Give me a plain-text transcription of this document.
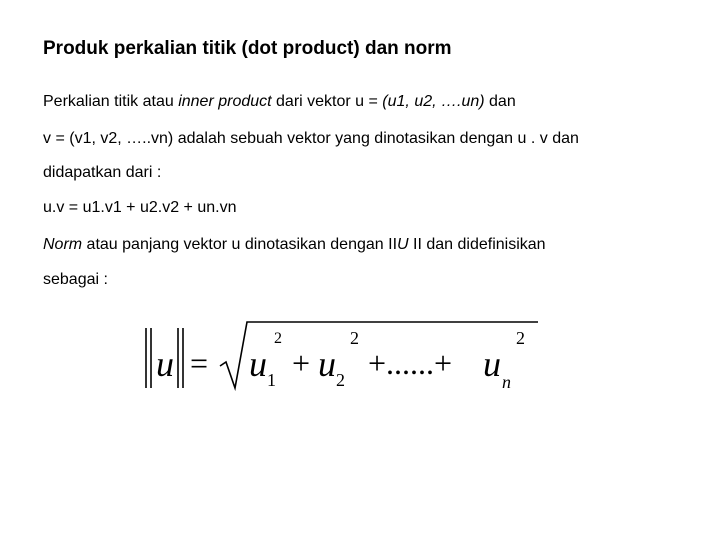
Produk perkalian titik (dot product) dan norm
Perkalian titik atau inner product dari vektor u = (u1, u2, ….un) dan
v = (v1, v2, …..vn) adalah sebuah vektor yang dinotasikan dengan u . v dan
didapatkan dari :
u.v = u1.v1 + u2.v2 + un.vn
Norm atau panjang vektor u dinotasikan dengan IIU II dan didefinisikan
sebagai :
u = u 1
2
+ u 2
2
+......+ u n
2
